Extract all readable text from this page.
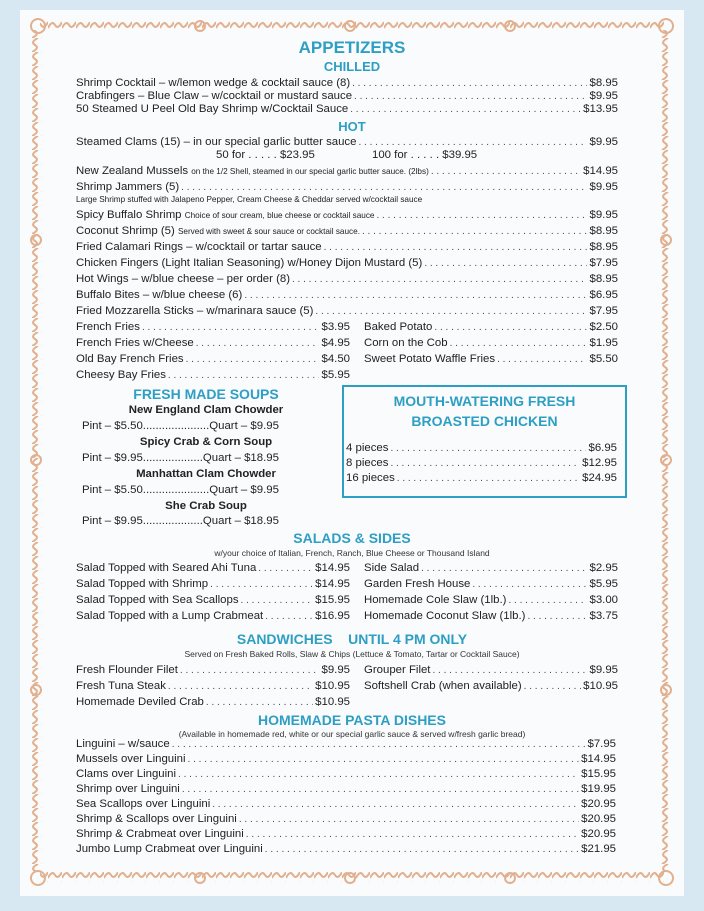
APPETIZERS
CHILLED
Shrimp Cocktail – w/lemon wedge & cocktail sauce (8) . . .	$8.95
Crabfingers – Blue Claw – w/cocktail or mustard sauce . . .	$9.95
50 Steamed U Peel Old Bay Shrimp w/Cocktail Sauce . . .	$13.95
HOT
Steamed Clams (15) – in our special garlic butter sauce . . .	$9.95
50 for . . . . . $23.95	100 for . . . . . $39.95
New Zealand Mussels on the 1/2 Shell, steamed in our special garlic butter sauce. (2lbs) . . .	$14.95
Shrimp Jammers (5) . . .	$9.95
Large Shrimp stuffed with Jalapeno Pepper, Cream Cheese & Cheddar served w/cocktail sauce
Spicy Buffalo Shrimp Choice of sour cream, blue cheese or cocktail sauce . . .	$9.95
Coconut Shrimp (5) Served with sweet & sour sauce or cocktail sauce. . . .	$8.95
Fried Calamari Rings – w/cocktail or tartar sauce . . .	$8.95
Chicken Fingers (Light Italian Seasoning) w/Honey Dijon Mustard (5) . . .	$7.95
Hot Wings – w/blue cheese – per order (8) . . .	$8.95
Buffalo Bites – w/blue cheese (6) . . .	$6.95
Fried Mozzarella Sticks – w/marinara sauce (5) . . .	$7.95
French Fries . . .	$3.95
French Fries w/Cheese . . .	$4.95
Old Bay French Fries . . .	$4.50
Cheesy Bay Fries . . .	$5.95
Baked Potato . . .	$2.50
Corn on the Cob . . .	$1.95
Sweet Potato Waffle Fries . . .	$5.50
FRESH MADE SOUPS
New England Clam Chowder
Pint – $5.50.....................Quart – $9.95
Spicy Crab & Corn Soup
Pint – $9.95...................Quart – $18.95
Manhattan Clam Chowder
Pint – $5.50.....................Quart – $9.95
She Crab Soup
Pint – $9.95...................Quart – $18.95
MOUTH-WATERING FRESH
BROASTED CHICKEN
4 pieces . . .	$6.95
8 pieces . . .	$12.95
16 pieces . . .	$24.95
SALADS & SIDES
w/your choice of Italian, French, Ranch, Blue Cheese or Thousand Island
Salad Topped with Seared Ahi Tuna . . .	$14.95
Salad Topped with Shrimp . . .	$14.95
Salad Topped with Sea Scallops . . .	$15.95
Salad Topped with a Lump Crabmeat . . .	$16.95
Side Salad . . .	$2.95
Garden Fresh House . . .	$5.95
Homemade Cole Slaw (1lb.) . . .	$3.00
Homemade Coconut Slaw (1lb.) . . .	$3.75
SANDWICHES    UNTIL 4 PM ONLY
Served on Fresh Baked Rolls, Slaw & Chips (Lettuce & Tomato, Tartar or Cocktail Sauce)
Fresh Flounder Filet . . .	$9.95
Fresh Tuna Steak . . .	$10.95
Homemade Deviled Crab . . .	$10.95
Grouper Filet . . .	$9.95
Softshell Crab (when available) . . .	$10.95
HOMEMADE PASTA DISHES
(Available in homemade red, white or our special garlic sauce & served w/fresh garlic bread)
Linguini – w/sauce . . .	$7.95
Mussels over Linguini . . .	$14.95
Clams over Linguini . . .	$15.95
Shrimp over Linguini . . .	$19.95
Sea Scallops over Linguini . . .	$20.95
Shrimp & Scallops over Linguini . . .	$20.95
Shrimp & Crabmeat over Linguini . . .	$20.95
Jumbo Lump Crabmeat over Linguini . . .	$21.95
